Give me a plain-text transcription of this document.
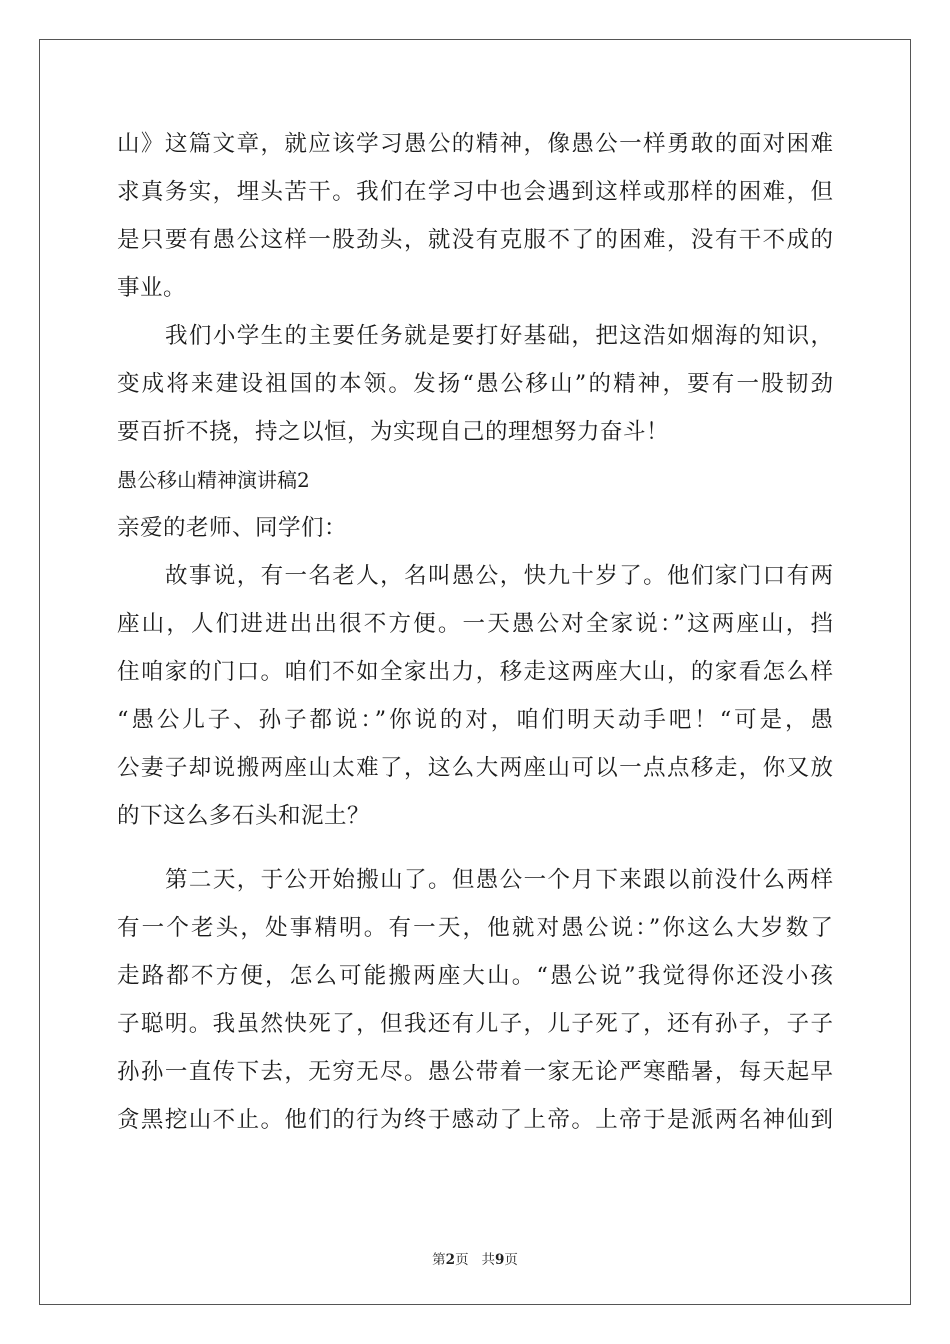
山》这篇文章，就应该学习愚公的精神，像愚公一样勇敢的面对困难
求真务实，埋头苦干。我们在学习中也会遇到这样或那样的困难，但
是只要有愚公这样一股劲头，就没有克服不了的困难，没有干不成的
事业。
我们小学生的主要任务就是要打好基础，把这浩如烟海的知识，
变成将来建设祖国的本领。发扬“愚公移山”的精神，要有一股韧劲
要百折不挠，持之以恒，为实现自己的理想努力奋斗！
愚公移山精神演讲稿2
亲爱的老师、同学们：
故事说，有一名老人，名叫愚公，快九十岁了。他们家门口有两
座山，人们进进出出很不方便。一天愚公对全家说：”这两座山，挡
住咱家的门口。咱们不如全家出力，移走这两座大山，的家看怎么样
“愚公儿子、孙子都说：”你说的对，咱们明天动手吧！“可是，愚
公妻子却说搬两座山太难了，这么大两座山可以一点点移走，你又放
的下这么多石头和泥土？
第二天，于公开始搬山了。但愚公一个月下来跟以前没什么两样
有一个老头，处事精明。有一天，他就对愚公说：”你这么大岁数了
走路都不方便，怎么可能搬两座大山。“愚公说”我觉得你还没小孩
子聪明。我虽然快死了，但我还有儿子，儿子死了，还有孙子，子子
孙孙一直传下去，无穷无尽。愚公带着一家无论严寒酷暑，每天起早
贪黑挖山不止。他们的行为终于感动了上帝。上帝于是派两名神仙到
第2页 共9页
